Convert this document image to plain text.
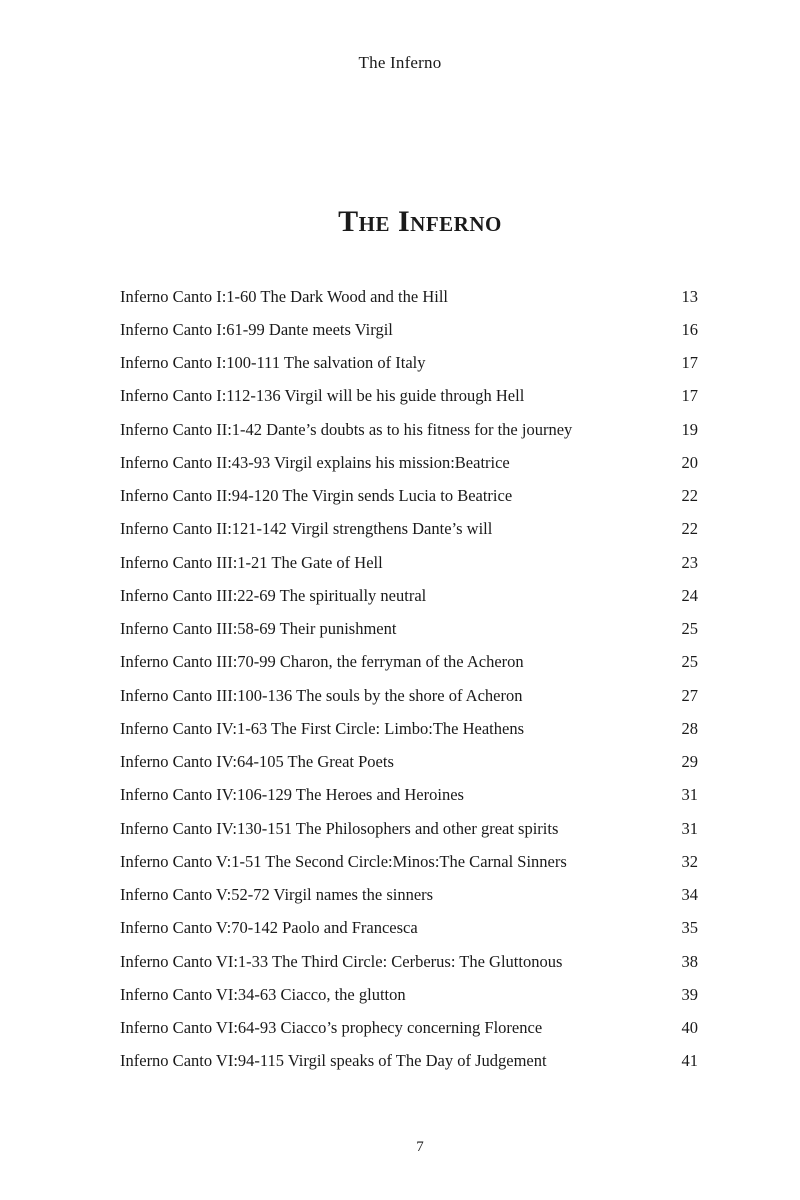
The Inferno
The Inferno
Inferno Canto I:1-60 The Dark Wood and the Hill	13
Inferno Canto I:61-99 Dante meets Virgil	16
Inferno Canto I:100-111 The salvation of Italy	17
Inferno Canto I:112-136 Virgil will be his guide through Hell	17
Inferno Canto II:1-42 Dante’s doubts as to his fitness for the journey	19
Inferno Canto II:43-93 Virgil explains his mission:Beatrice	20
Inferno Canto II:94-120 The Virgin sends Lucia to Beatrice	22
Inferno Canto II:121-142 Virgil strengthens Dante’s will	22
Inferno Canto III:1-21 The Gate of Hell	23
Inferno Canto III:22-69 The spiritually neutral	24
Inferno Canto III:58-69 Their punishment	25
Inferno Canto III:70-99 Charon, the ferryman of the Acheron	25
Inferno Canto III:100-136 The souls by the shore of Acheron	27
Inferno Canto IV:1-63 The First Circle: Limbo:The Heathens	28
Inferno Canto IV:64-105 The Great Poets	29
Inferno Canto IV:106-129 The Heroes and Heroines	31
Inferno Canto IV:130-151 The Philosophers and other great spirits	31
Inferno Canto V:1-51 The Second Circle:Minos:The Carnal Sinners	32
Inferno Canto V:52-72 Virgil names the sinners	34
Inferno Canto V:70-142 Paolo and Francesca	35
Inferno Canto VI:1-33 The Third Circle: Cerberus: The Gluttonous	38
Inferno Canto VI:34-63 Ciacco, the glutton	39
Inferno Canto VI:64-93 Ciacco’s prophecy concerning Florence	40
Inferno Canto VI:94-115 Virgil speaks of The Day of Judgement	41
7
